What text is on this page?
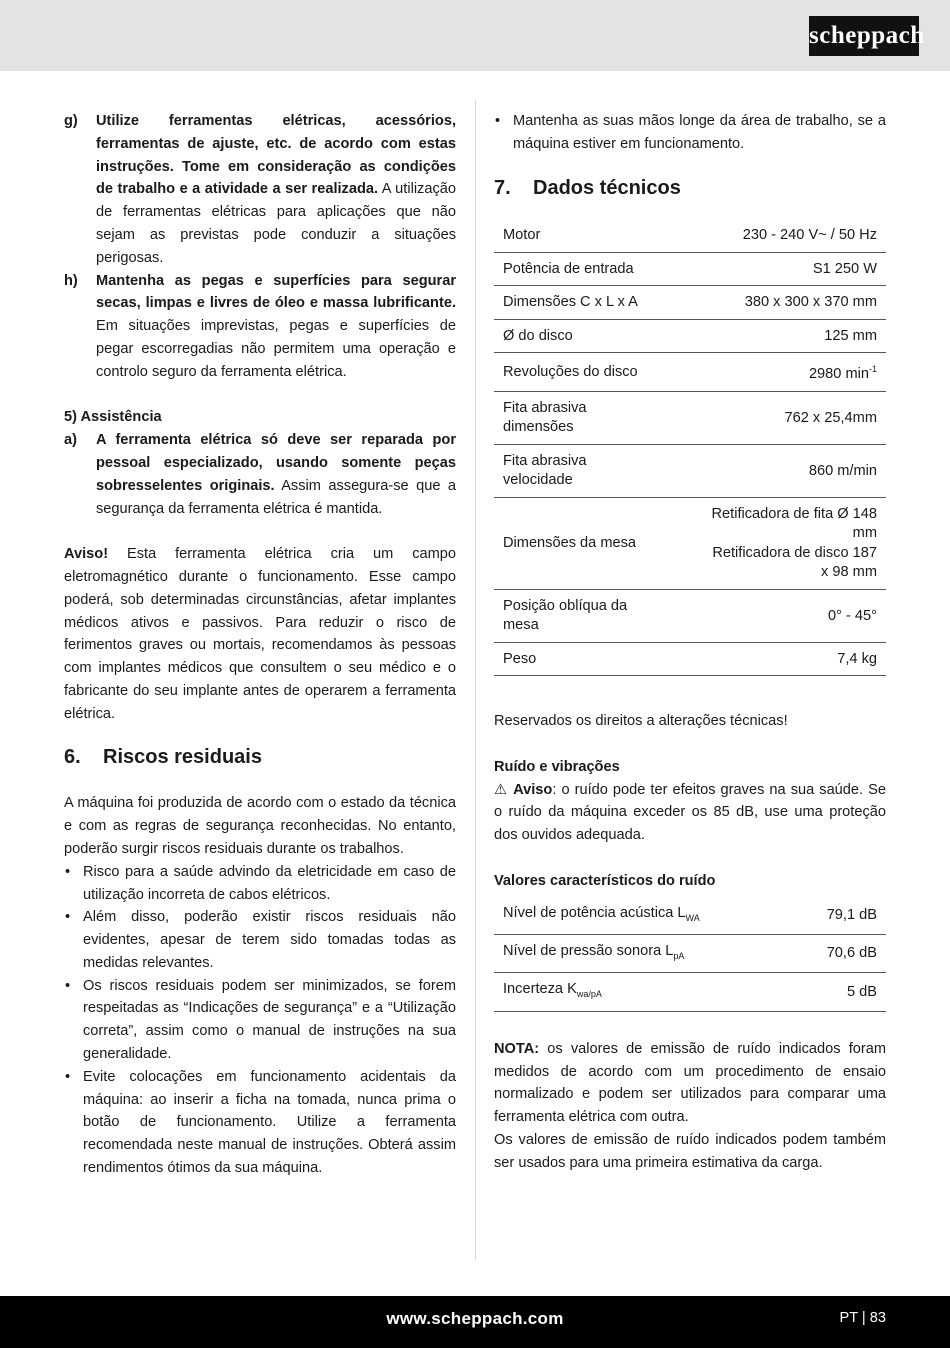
scheppach
g) Utilize ferramentas elétricas, acessórios, ferramentas de ajuste, etc. de acordo com estas instruções. Tome em consideração as condições de trabalho e a atividade a ser realizada. A utilização de ferramentas elétricas para aplicações que não sejam as previstas pode conduzir a situações perigosas.
h) Mantenha as pegas e superfícies para segurar secas, limpas e livres de óleo e massa lubrificante. Em situações imprevistas, pegas e superfícies de pegar escorregadias não permitem uma operação e controlo seguro da ferramenta elétrica.

5) Assistência

a) A ferramenta elétrica só deve ser reparada por pessoal especializado, usando somente peças sobresselentes originais. Assim assegura-se que a segurança da ferramenta elétrica é mantida.

Aviso! Esta ferramenta elétrica cria um campo eletromagnético durante o funcionamento. Esse campo poderá, sob determinadas circunstâncias, afetar implantes médicos ativos e passivos. Para reduzir o risco de ferimentos graves ou mortais, recomendamos às pessoas com implantes médicos que consultem o seu médico e o fabricante do seu implante antes de operarem a ferramenta elétrica.

6.	Riscos residuais

A máquina foi produzida de acordo com o estado da técnica e com as regras de segurança reconhecidas. No entanto, poderão surgir riscos residuais durante os trabalhos.

• Risco para a saúde advindo da eletricidade em caso de utilização incorreta de cabos elétricos.
• Além disso, poderão existir riscos residuais não evidentes, apesar de terem sido tomadas todas as medidas relevantes.
• Os riscos residuais podem ser minimizados, se forem respeitadas as “Indicações de segurança” e a “Utilização correta”, assim como o manual de instruções na sua generalidade.
• Evite colocações em funcionamento acidentais da máquina: ao inserir a ficha na tomada, nunca prima o botão de funcionamento. Utilize a ferramenta recomendada neste manual de instruções. Obterá assim rendimentos ótimos da sua máquina.
• Mantenha as suas mãos longe da área de trabalho, se a máquina estiver em funcionamento.
7.	Dados técnicos
Motor	230 - 240 V~ / 50 Hz
Potência de entrada	S1 250 W
Dimensões C x L x A	380 x 300 x 370 mm
Ø do disco	125 mm
Revoluções do disco	2980 $\min^{-1}$
Fita abrasiva dimensões	762 x 25,4mm
Fita abrasiva velocidade	860 m/min
Dimensões da mesa	Retificadora de fita Ø 148 mm
Retificadora de disco 187 x 98 mm

Posição oblíqua da mesa	0° - 45°
Peso	7,4 kg

Reservados os direitos a alterações técnicas!

Ruído e vibrações

⚠ Aviso: o ruído pode ter efeitos graves na sua saúde. Se o ruído da máquina exceder os 85 dB, use uma proteção dos ouvidos adequada.

Valores característicos do ruído

Nível de potência acústica $L_{WA}$	79,1 dB
Nível de pressão sonora $L_{pA}$	70,6 dB
Incerteza $K_{wa/pA}$	5 dB

NOTA: os valores de emissão de ruído indicados foram medidos de acordo com um procedimento de ensaio normalizado e podem ser utilizados para comparar uma ferramenta elétrica com outra.

Os valores de emissão de ruído indicados podem também ser usados para uma primeira estimativa da carga.

www.scheppach.com	PT | 83
